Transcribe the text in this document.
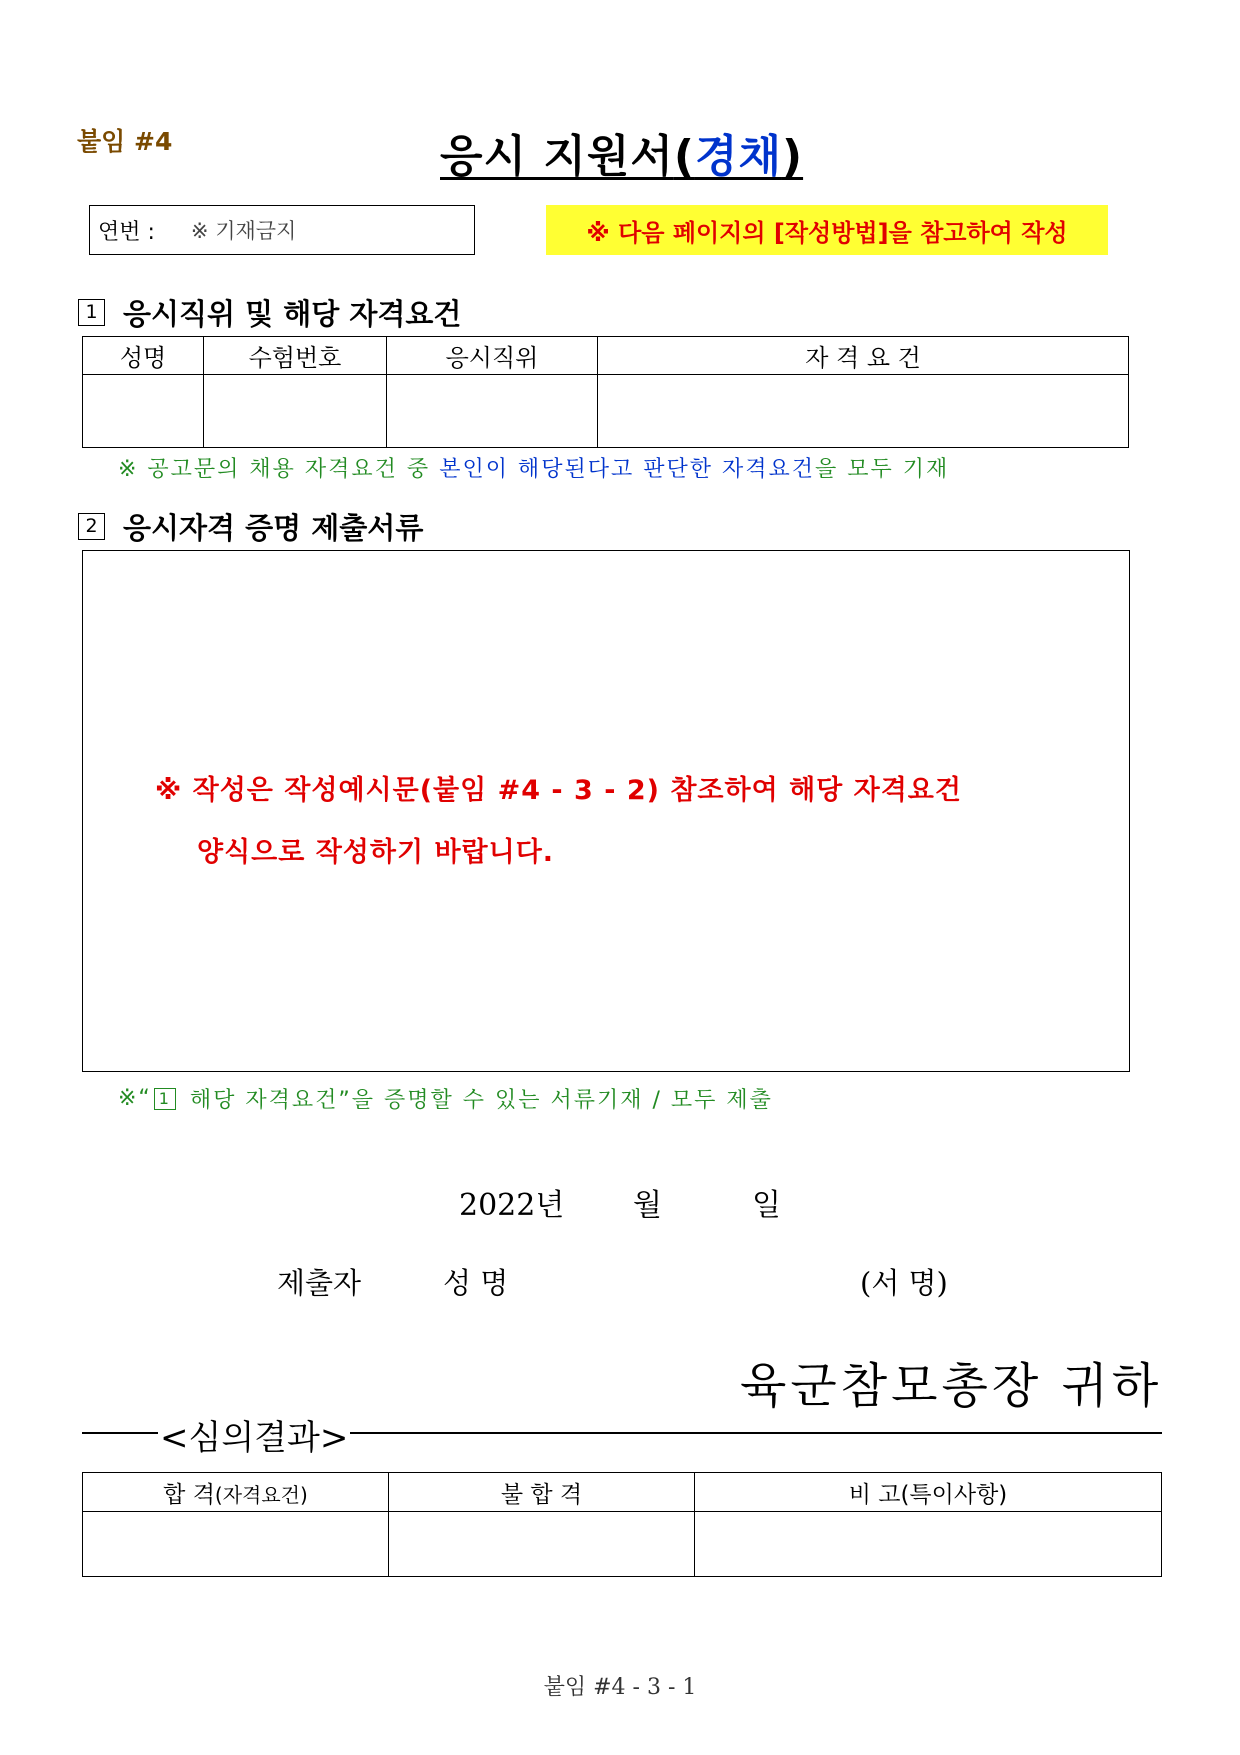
붙임 #4	응시 지원서(경채)
연번 : ※ 기재금지	※ 다음 페이지의 [작성방법]을 참고하여 작성
1 응시직위 및 해당 자격요건
성명	수험번호	응시직위	자 격 요 건

※ 공고문의 채용 자격요건 중 본인이 해당된다고 판단한 자격요건을 모두 기재
2 응시자격 증명 제출서류
※ 작성은 작성예시문(붙임 #4 - 3 - 2) 참조하여 해당 자격요건
양식으로 작성하기 바랍니다.
※“ 1 해당 자격요건”을 증명할 수 있는 서류기재 / 모두 제출
2022년 월	일
제출자	성 명	(서 명)
육군참모총장 귀하
<심의결과>
합 격(자격요건)	불 합 격	비 고(특이사항)

붙임 #4 - 3 - 1
